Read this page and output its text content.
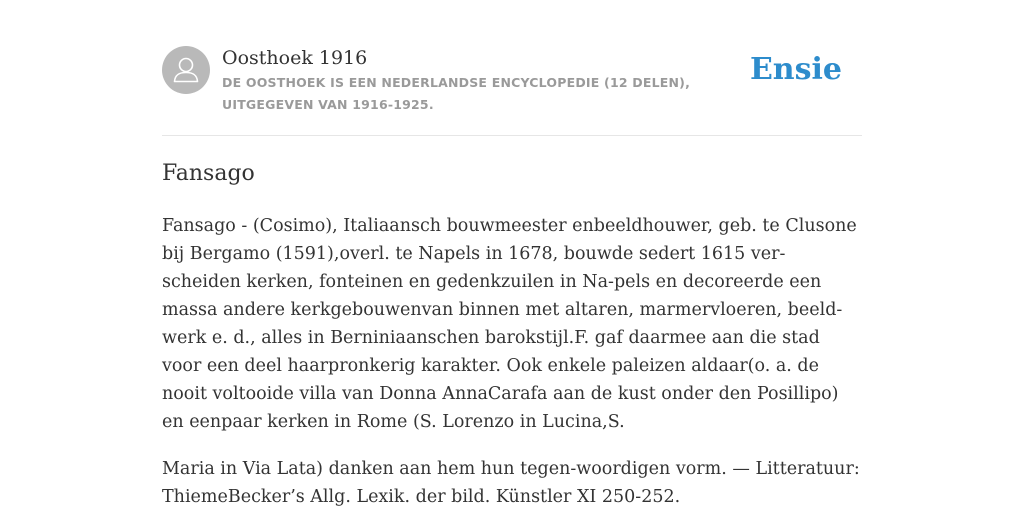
Oosthoek 1916
DE OOSTHOEK IS EEN NEDERLANDSE ENCYCLOPEDIE (12 DELEN), UITGEGEVEN VAN 1916-1925.
Ensie
Fansago

Fansago - (Cosimo), Italiaansch bouwmeester enbeeldhouwer, geb. te Clusone bij Bergamo (1591),overl. te Napels in 1678, bouwde sedert 1615 ver-scheiden kerken, fonteinen en gedenkzuilen in Na-pels en decoreerde een massa andere kerkgebouwenvan binnen met altaren, marmervloeren, beeld-werk e. d., alles in Berniniaanschen barokstijl.F. gaf daarmee aan die stad voor een deel haarpronkerig karakter. Ook enkele paleizen aldaar(o. a. de nooit voltooide villa van Donna AnnaCarafa aan de kust onder den Posillipo) en eenpaar kerken in Rome (S. Lorenzo in Lucina,S.

Maria in Via Lata) danken aan hem hun tegen-woordigen vorm. — Litteratuur: ThiemeBecker’s Allg. Lexik. der bild. Künstler XI 250-252.
